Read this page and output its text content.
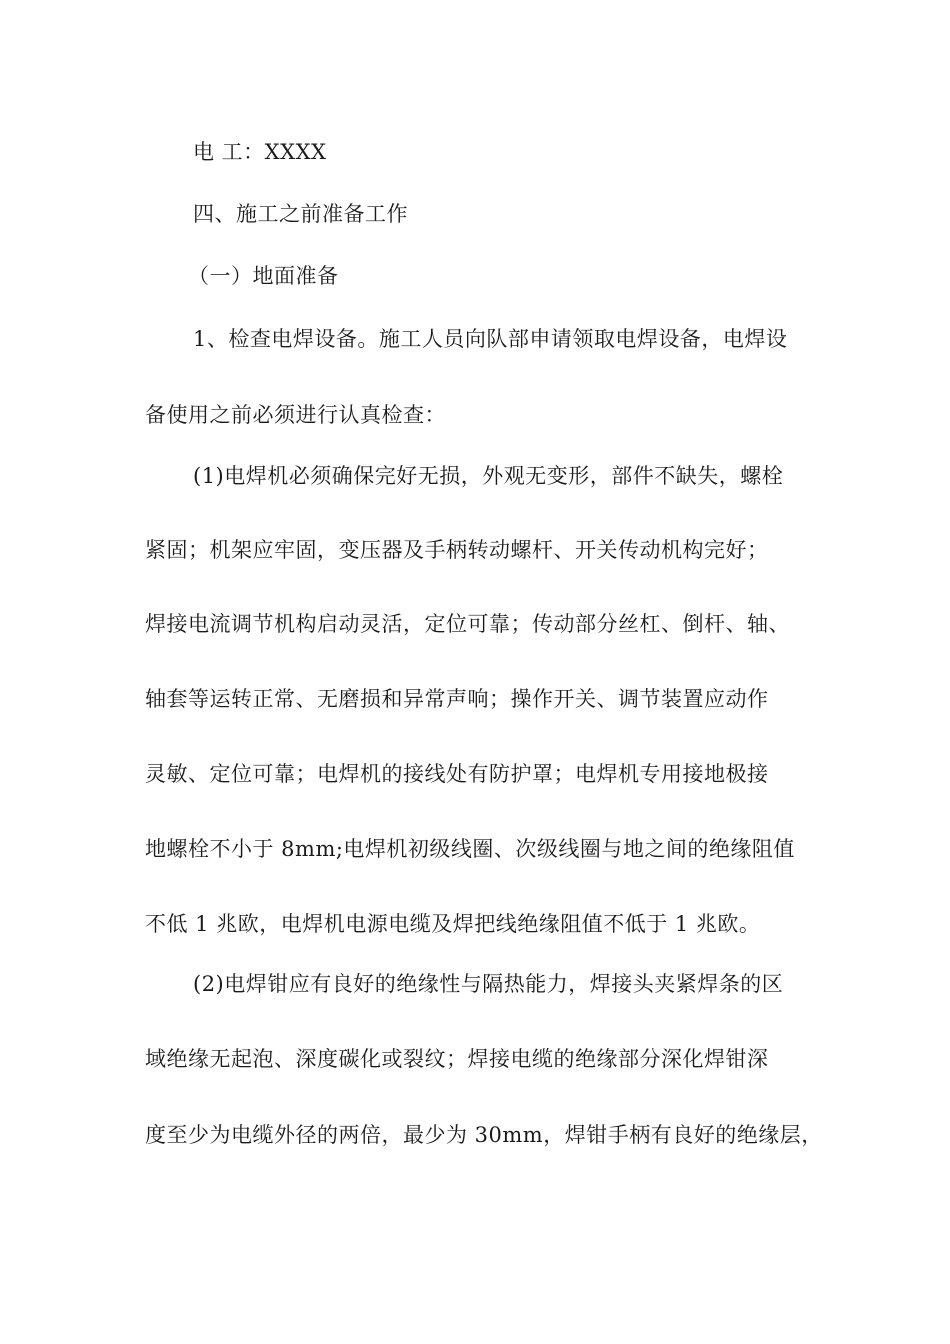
电 工：XXXX
四、施工之前准备工作
（一）地面准备
1、检查电焊设备。施工人员向队部申请领取电焊设备，电焊设
备使用之前必须进行认真检查：
(1)电焊机必须确保完好无损，外观无变形，部件不缺失，螺栓
紧固；机架应牢固，变压器及手柄转动螺杆、开关传动机构完好；
焊接电流调节机构启动灵活，定位可靠；传动部分丝杠、倒杆、轴、
轴套等运转正常、无磨损和异常声响；操作开关、调节装置应动作
灵敏、定位可靠；电焊机的接线处有防护罩；电焊机专用接地极接
地螺栓不小于 8mm;电焊机初级线圈、次级线圈与地之间的绝缘阻值
不低 1 兆欧，电焊机电源电缆及焊把线绝缘阻值不低于 1 兆欧。
(2)电焊钳应有良好的绝缘性与隔热能力，焊接头夹紧焊条的区
域绝缘无起泡、深度碳化或裂纹；焊接电缆的绝缘部分深化焊钳深
度至少为电缆外径的两倍，最少为 30mm，焊钳手柄有良好的绝缘层，
